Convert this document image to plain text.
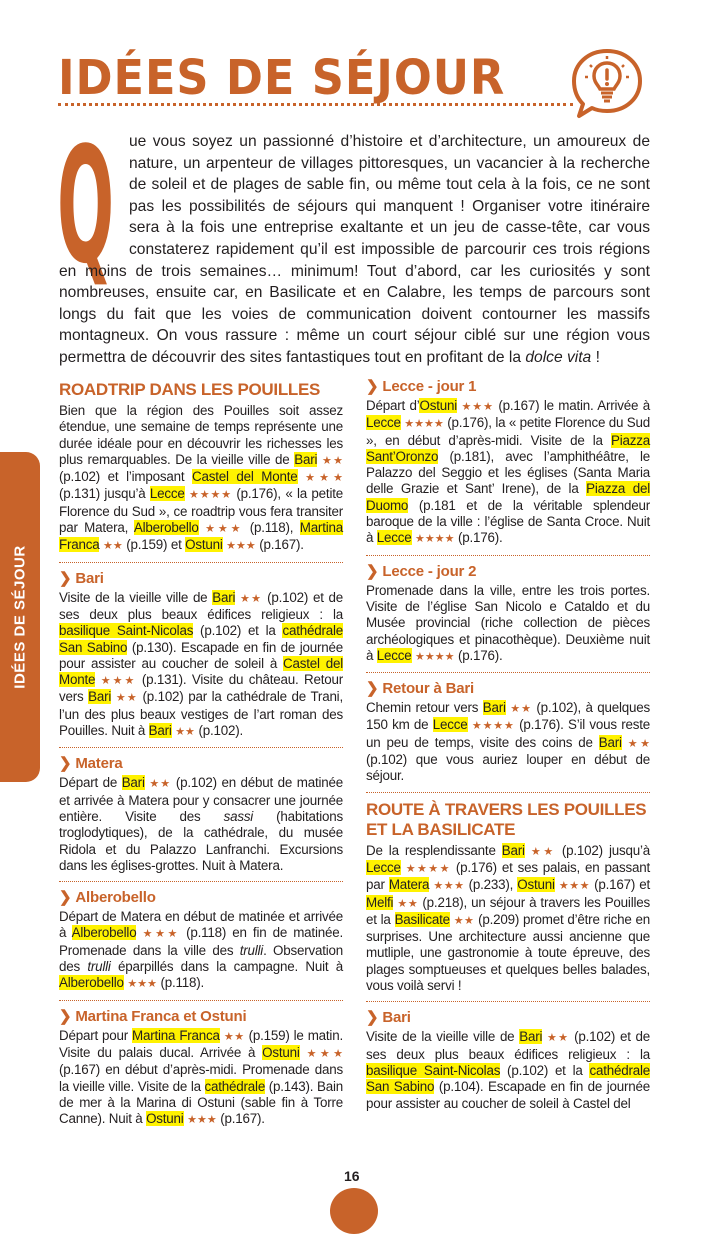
IDÉES DE SÉJOUR
Q ue vous soyez un passionné d’histoire et d’architecture, un amoureux de nature, un arpenteur de villages pittoresques, un vacancier à la recherche de soleil et de plages de sable fin, ou même tout cela à la fois, ce ne sont pas les possibilités de séjours qui manquent ! Organiser votre itinéraire sera à la fois une entreprise exaltante et un jeu de casse-tête, car vous constaterez rapidement qu’il est impossible de parcourir ces trois régions en moins de trois semaines… minimum! Tout d’abord, car les curiosités y sont nombreuses, ensuite car, en Basilicate et en Calabre, les temps de parcours sont longs du fait que les voies de communication doivent contourner les massifs montagneux. On vous rassure : même un court séjour ciblé sur une région vous permettra de découvrir des sites fantastiques tout en profitant de la dolce vita !

ROADTRIP DANS LES POUILLES

Bien que la région des Pouilles soit assez étendue, une semaine de temps représente une durée idéale pour en découvrir les richesses les plus remarquables. De la vieille ville de Bari ★★ (p.102) et l’imposant Castel del Monte ★★★ (p.131) jusqu’à Lecce ★★★★ (p.176), « la petite Florence du Sud », ce roadtrip vous fera transiter par Matera, Alberobello ★★★ (p.118), Martina Franca ★★ (p.159) et Ostuni ★★★ (p.167).

❯ Bari

Visite de la vieille ville de Bari ★★ (p.102) et de ses deux plus beaux édifices religieux : la basilique Saint-Nicolas (p.102) et la cathédrale San Sabino (p.130). Escapade en fin de journée pour assister au coucher de soleil à Castel del Monte ★★★ (p.131). Visite du château. Retour vers Bari ★★ (p.102) par la cathédrale de Trani, l’un des plus beaux vestiges de l’art roman des Pouilles. Nuit à Bari ★★ (p.102).

❯ Matera

Départ de Bari ★★ (p.102) en début de matinée et arrivée à Matera pour y consacrer une journée entière. Visite des sassi (habitations troglodytiques), de la cathédrale, du musée Ridola et du Palazzo Lanfranchi. Excursions dans les églises-grottes. Nuit à Matera.

❯ Alberobello

Départ de Matera en début de matinée et arrivée à Alberobello ★★★ (p.118) en fin de matinée. Promenade dans la ville des trulli. Observation des trulli éparpillés dans la campagne. Nuit à Alberobello ★★★ (p.118).

❯ Martina Franca et Ostuni

Départ pour Martina Franca ★★ (p.159) le matin. Visite du palais ducal. Arrivée à Ostuni ★★★ (p.167) en début d’après-midi. Promenade dans la vieille ville. Visite de la cathédrale (p.143). Bain de mer à la Marina di Ostuni (sable fin à Torre Canne). Nuit à Ostuni ★★★ (p.167).

❯ Lecce - jour 1

Départ d’Ostuni ★★★ (p.167) le matin. Arrivée à Lecce ★★★★ (p.176), la « petite Florence du Sud », en début d’après-midi. Visite de la Piazza Sant’Oronzo (p.181), avec l’amphithéâtre, le Palazzo del Seggio et les églises (Santa Maria delle Grazie et Sant’ Irene), de la Piazza del Duomo (p.181 et de la véritable splendeur baroque de la ville : l’église de Santa Croce. Nuit à Lecce ★★★★ (p.176).

❯ Lecce - jour 2

Promenade dans la ville, entre les trois portes. Visite de l’église San Nicolo e Cataldo et du Musée provincial (riche collection de pièces archéologiques et pinacothèque). Deuxième nuit à Lecce ★★★★ (p.176).

❯ Retour à Bari

Chemin retour vers Bari ★★ (p.102), à quelques 150 km de Lecce ★★★★ (p.176). S’il vous reste un peu de temps, visite des coins de Bari ★★ (p.102) que vous auriez louper en début de séjour.

ROUTE À TRAVERS LES POUILLES ET LA BASILICATE

De la resplendissante Bari ★★ (p.102) jusqu’à Lecce ★★★★ (p.176) et ses palais, en passant par Matera ★★★ (p.233), Ostuni ★★★ (p.167) et Melfi ★★ (p.218), un séjour à travers les Pouilles et la Basilicate ★★ (p.209) promet d’être riche en surprises. Une architecture aussi ancienne que mutliple, une gastronomie à toute épreuve, des plages somptueuses et quelques belles balades, vous voilà servi !

❯ Bari

Visite de la vieille ville de Bari ★★ (p.102) et de ses deux plus beaux édifices religieux : la basilique Saint-Nicolas (p.102) et la cathédrale San Sabino (p.104). Escapade en fin de journée pour assister au coucher de soleil à Castel del

IDÉES DE SÉJOUR
16
